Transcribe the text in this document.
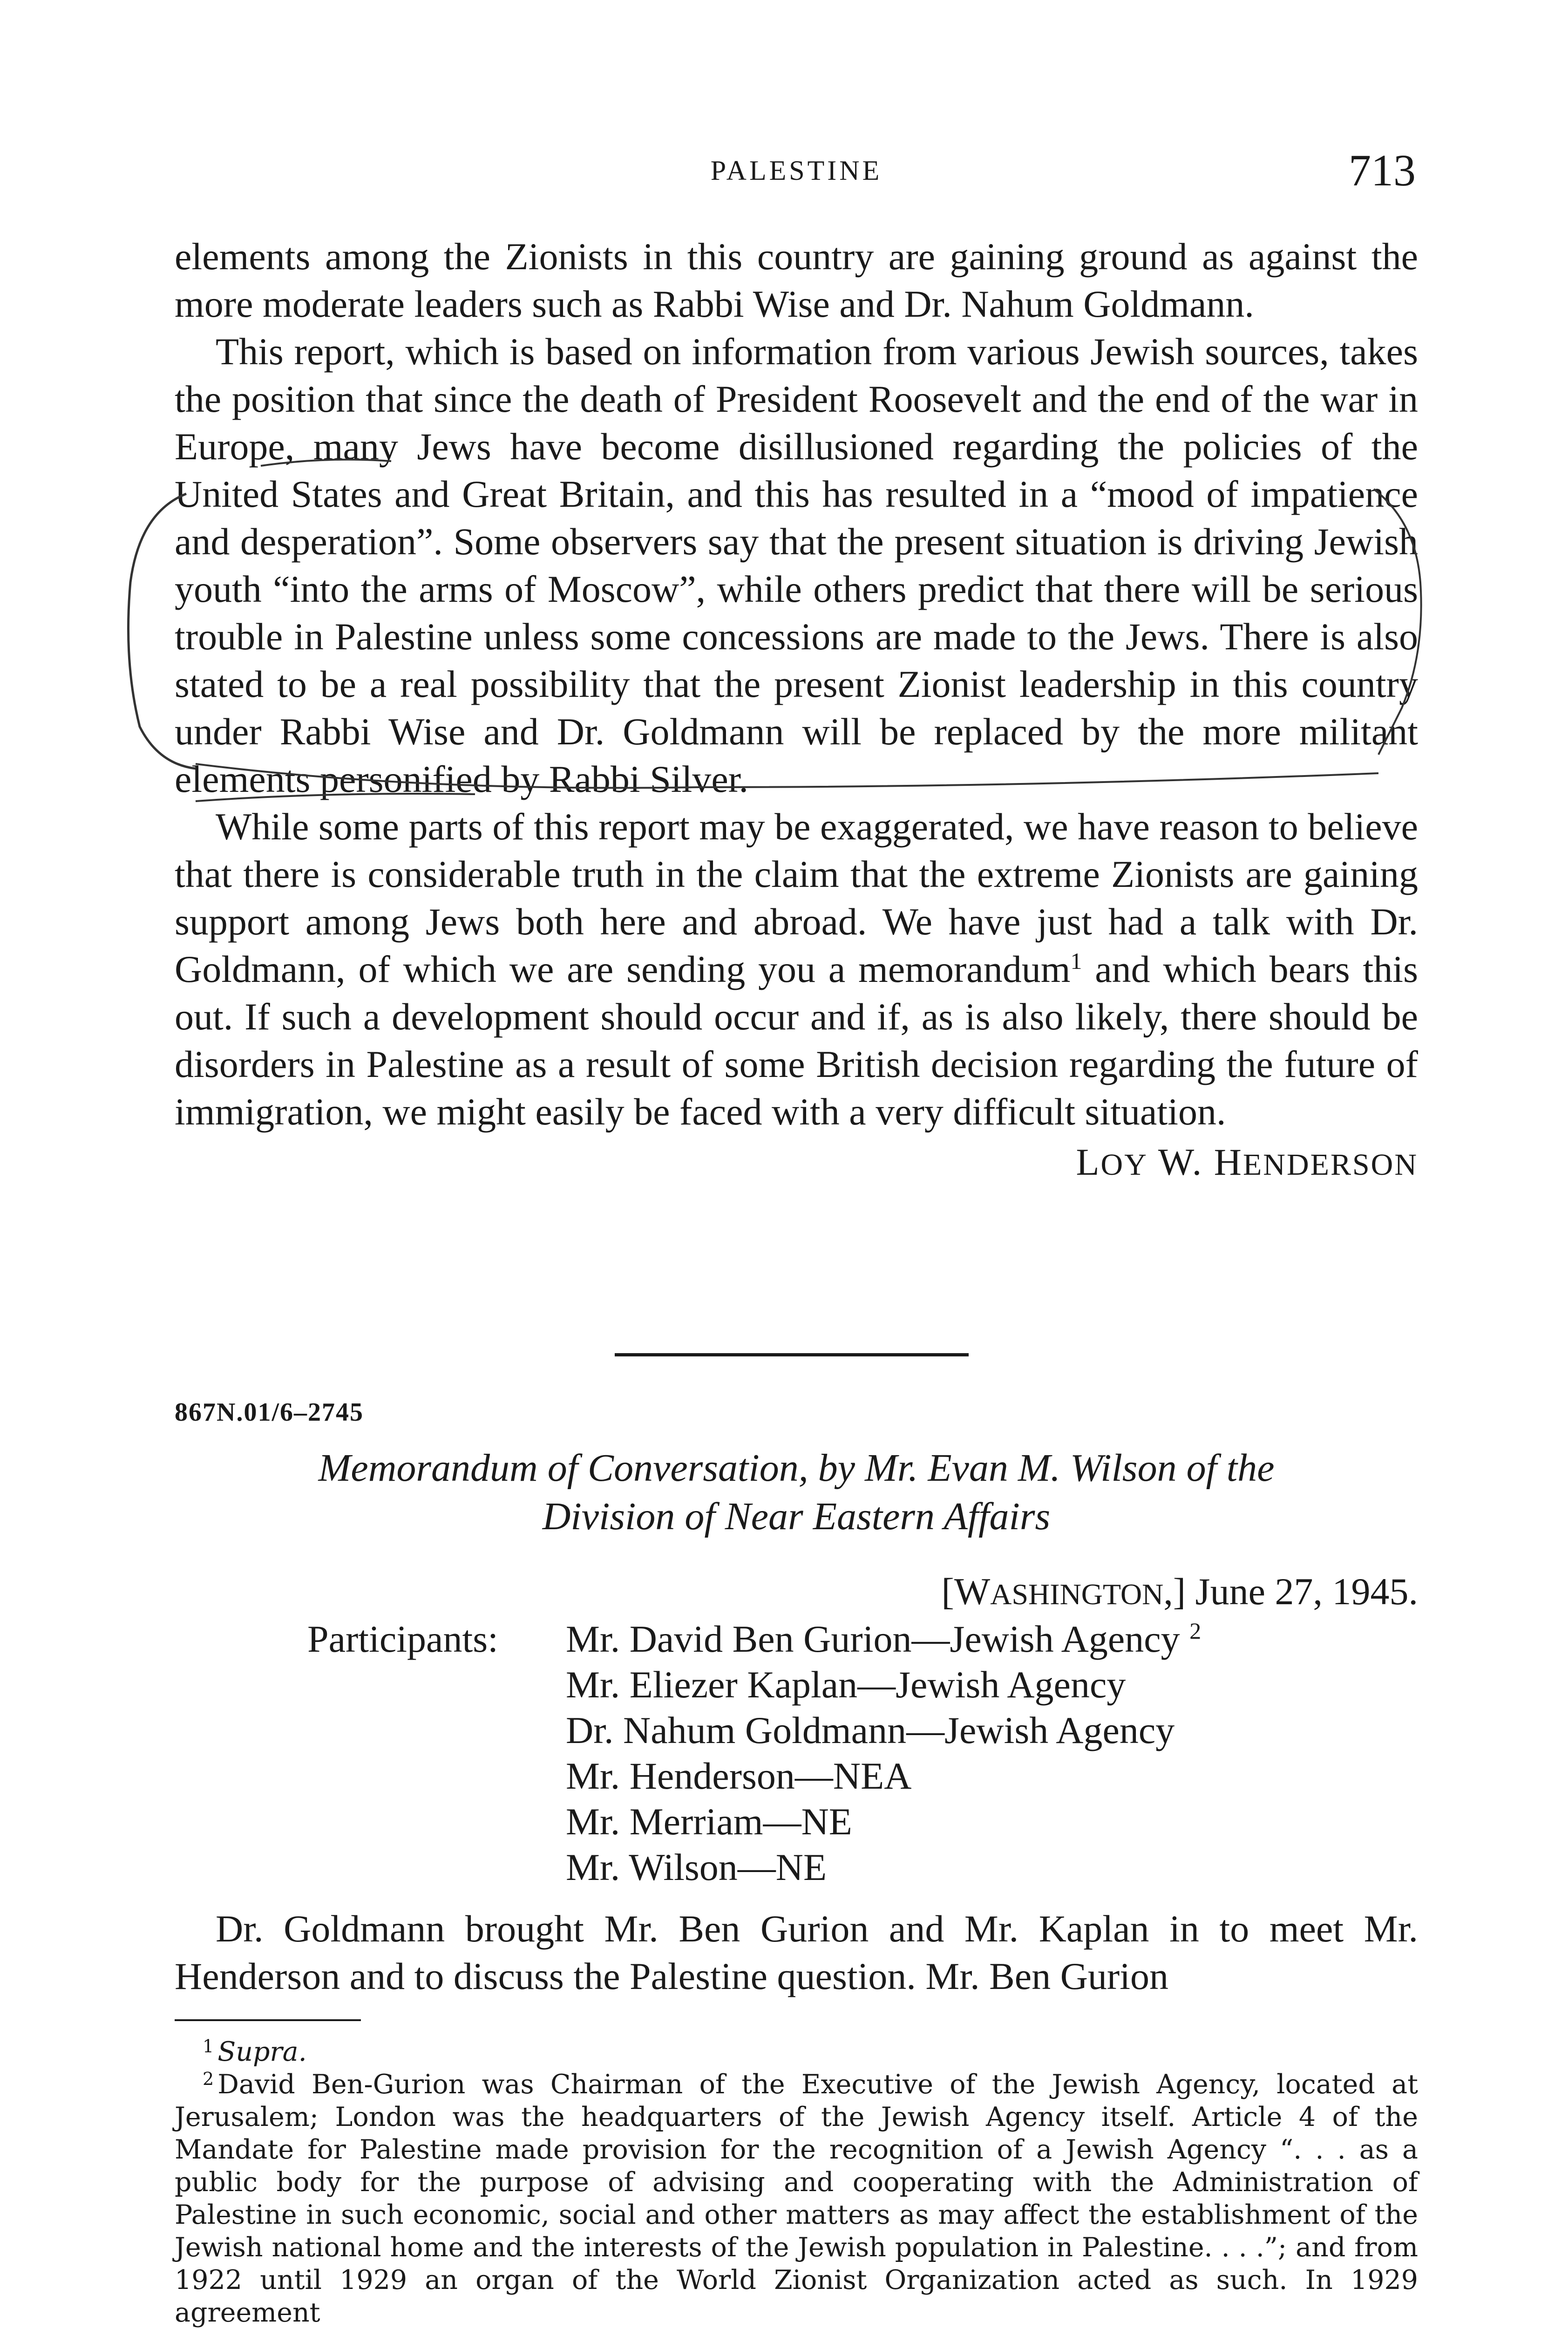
PALESTINE	713

elements among the Zionists in this country are gaining ground as against the more moderate leaders such as Rabbi Wise and Dr. Nahum Goldmann.

This report, which is based on information from various Jewish sources, takes the position that since the death of President Roosevelt and the end of the war in Europe, many Jews have become disillusioned regarding the policies of the United States and Great Britain, and this has resulted in a “mood of impatience and desperation”. Some observers say that the present situation is driving Jewish youth “into the arms of Moscow”, while others predict that there will be serious trouble in Palestine unless some concessions are made to the Jews. There is also stated to be a real possibility that the present Zionist leadership in this country under Rabbi Wise and Dr. Goldmann will be replaced by the more militant elements personified by Rabbi Silver.

While some parts of this report may be exaggerated, we have reason to believe that there is considerable truth in the claim that the extreme Zionists are gaining support among Jews both here and abroad. We have just had a talk with Dr. Goldmann, of which we are sending you a memorandum$^1$ and which bears this out. If such a development should occur and if, as is also likely, there should be disorders in Palestine as a result of some British decision regarding the future of immigration, we might easily be faced with a very difficult situation.

LOY W. HENDERSON
867N.01/6–2745
Memorandum of Conversation, by Mr. Evan M. Wilson of the
Division of Near Eastern Affairs
[WASHINGTON,] June 27, 1945.
Participants: Mr. David Ben Gurion—Jewish Agency $^2$
Mr. Eliezer Kaplan—Jewish Agency
Dr. Nahum Goldmann—Jewish Agency
Mr. Henderson—NEA
Mr. Merriam—NE
Mr. Wilson—NE

Dr. Goldmann brought Mr. Ben Gurion and Mr. Kaplan in to meet Mr. Henderson and to discuss the Palestine question. Mr. Ben Gurion

$^1$ Supra.

$^2$ David Ben-Gurion was Chairman of the Executive of the Jewish Agency, located at Jerusalem; London was the headquarters of the Jewish Agency itself. Article 4 of the Mandate for Palestine made provision for the recognition of a Jewish Agency “. . . as a public body for the purpose of advising and cooperating with the Administration of Palestine in such economic, social and other matters as may affect the establishment of the Jewish national home and the interests of the Jewish population in Palestine. . . .”; and from 1922 until 1929 an organ of the World Zionist Organization acted as such. In 1929 agreement
